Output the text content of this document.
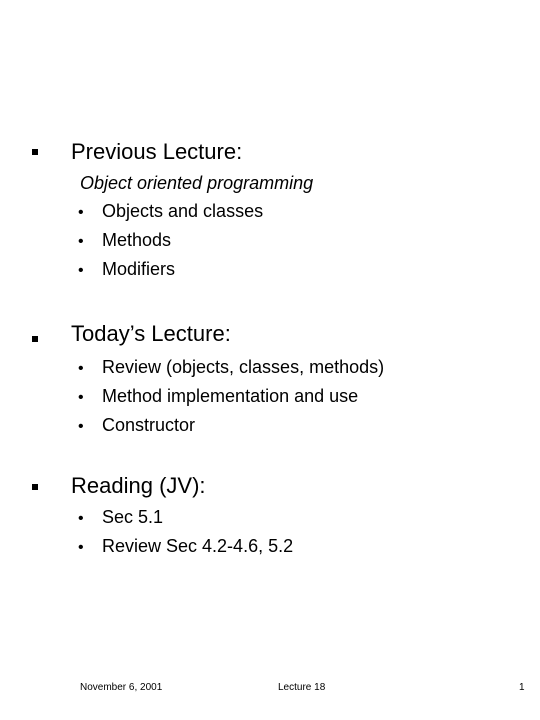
Previous Lecture:
Object oriented programming
• Objects and classes
• Methods
• Modifiers
Today’s Lecture:
• Review (objects, classes, methods)
• Method implementation and use
• Constructor
Reading (JV):
• Sec 5.1
• Review Sec 4.2-4.6, 5.2
November 6, 2001	Lecture 18	1
